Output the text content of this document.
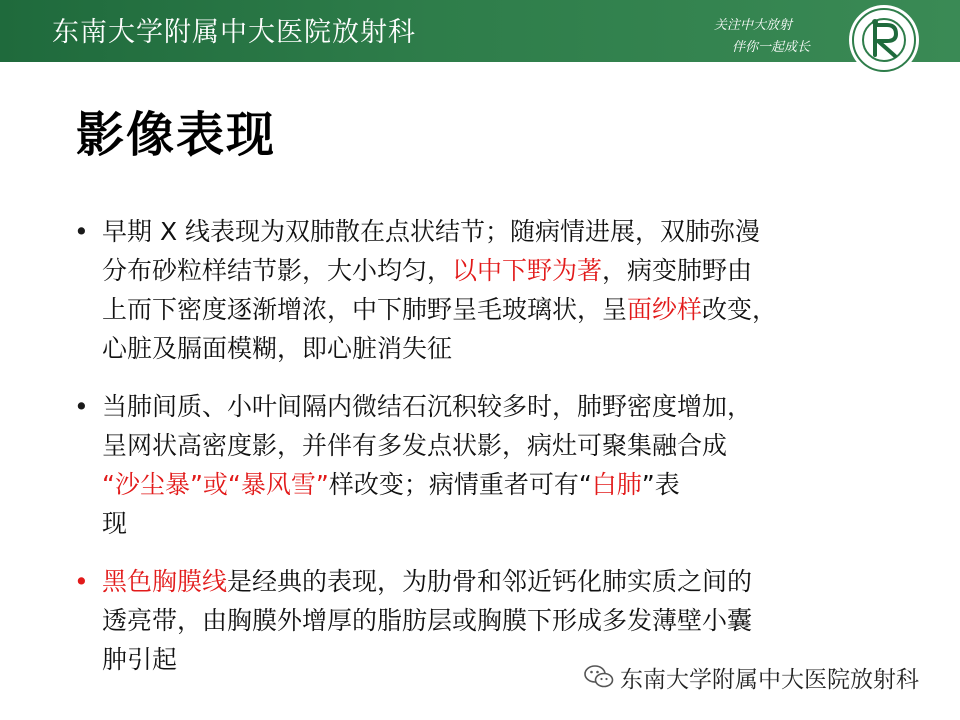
东南大学附属中大医院放射科	关注中大放射
伴你一起成长
影像表现
• 早期 X 线表现为双肺散在点状结节；随病情进展，双肺弥漫
分布砂粒样结节影，大小均匀，以中下野为著，病变肺野由
上而下密度逐渐增浓，中下肺野呈毛玻璃状，呈面纱样改变，
心脏及膈面模糊，即心脏消失征
• 当肺间质、小叶间隔内微结石沉积较多时，肺野密度增加，
呈网状高密度影，并伴有多发点状影，病灶可聚集融合成
“沙尘暴”或“暴风雪”样改变；病情重者可有“白肺”表
现
• 黑色胸膜线是经典的表现，为肋骨和邻近钙化肺实质之间的
透亮带，由胸膜外增厚的脂肪层或胸膜下形成多发薄壁小囊
肿引起
东南大学附属中大医院放射科
